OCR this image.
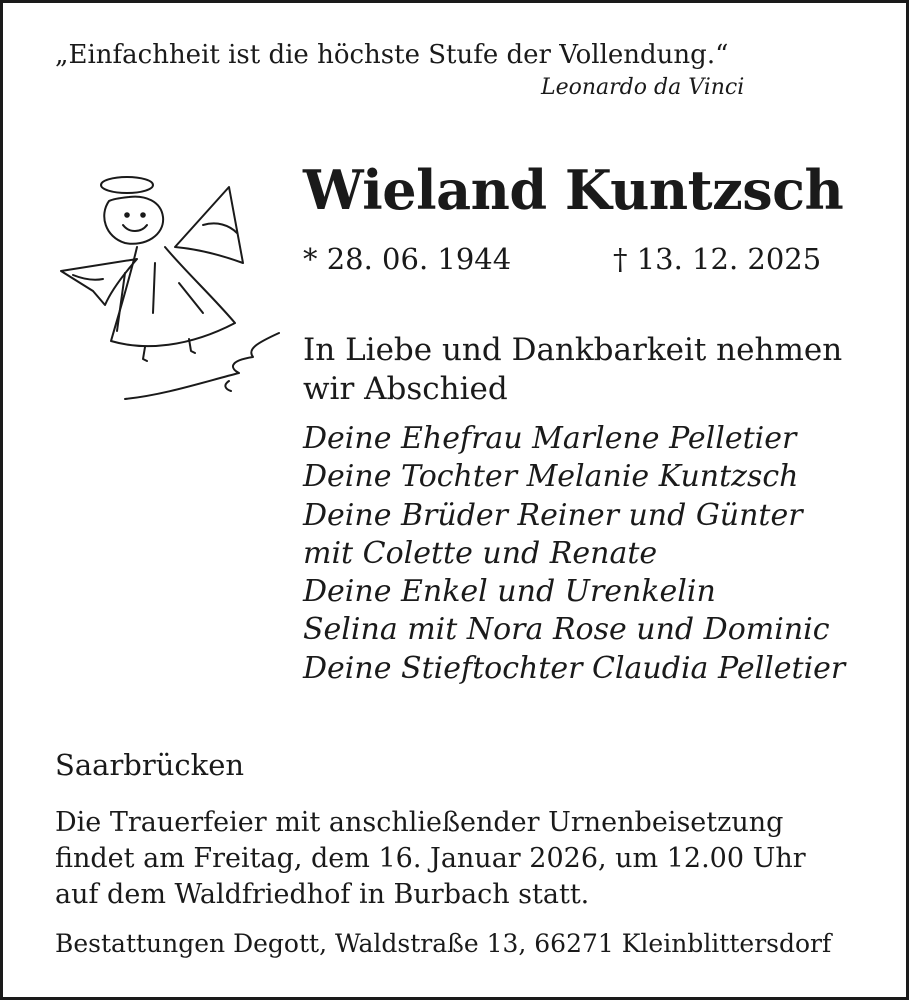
„Einfachheit ist die höchste Stufe der Vollendung.“
Leonardo da Vinci
Wieland Kuntzsch
* 28. 06. 1944	† 13. 12. 2025
In Liebe und Dankbarkeit nehmen wir Abschied
Deine Ehefrau Marlene Pelletier
Deine Tochter Melanie Kuntzsch
Deine Brüder Reiner und Günter
mit Colette und Renate
Deine Enkel und Urenkelin
Selina mit Nora Rose und Dominic
Deine Stieftochter Claudia Pelletier
Saarbrücken
Die Trauerfeier mit anschließender Urnenbeisetzung
findet am Freitag, dem 16. Januar 2026, um 12.00 Uhr
auf dem Waldfriedhof in Burbach statt.
Bestattungen Degott, Waldstraße 13, 66271 Kleinblittersdorf
